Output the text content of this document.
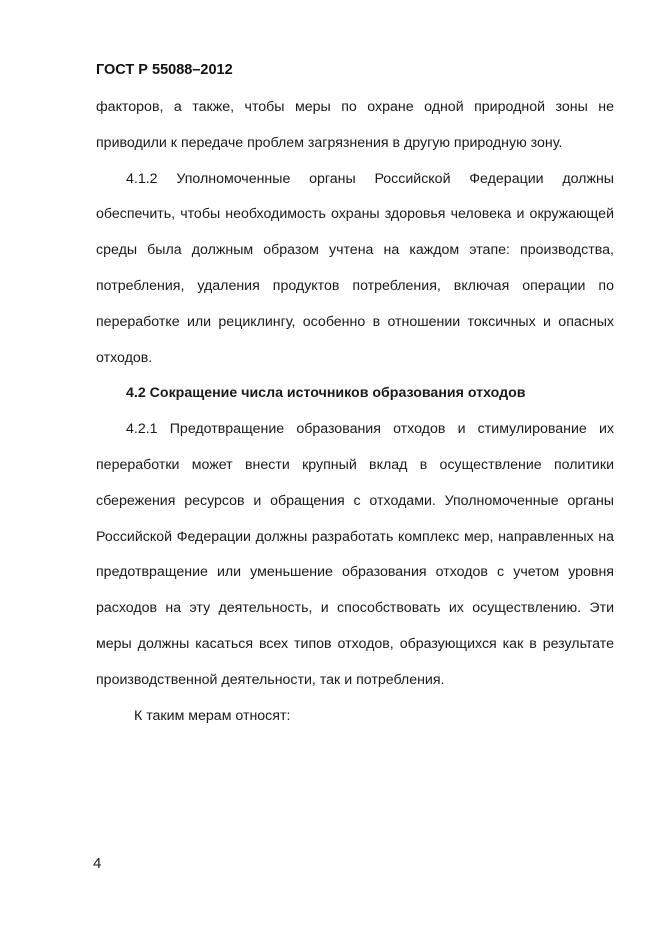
ГОСТ Р 55088–2012

факторов, а также, чтобы меры по охране одной природной зоны не приводили к передаче проблем загрязнения в другую природную зону.

4.1.2 Уполномоченные органы Российской Федерации должны обеспечить, чтобы необходимость охраны здоровья человека и окружающей среды была должным образом учтена на каждом этапе: производства, потребления, удаления продуктов потребления, включая операции по переработке или рециклингу, особенно в отношении токсичных и опасных отходов.

4.2 Сокращение числа источников образования отходов

4.2.1 Предотвращение образования отходов и стимулирование их переработки может внести крупный вклад в осуществление политики сбережения ресурсов и обращения с отходами. Уполномоченные органы Российской Федерации должны разработать комплекс мер, направленных на предотвращение или уменьшение образования отходов с учетом уровня расходов на эту деятельность, и способствовать их осуществлению. Эти меры должны касаться всех типов отходов, образующихся как в результате производственной деятельности, так и потребления.

К таким мерам относят:

4
